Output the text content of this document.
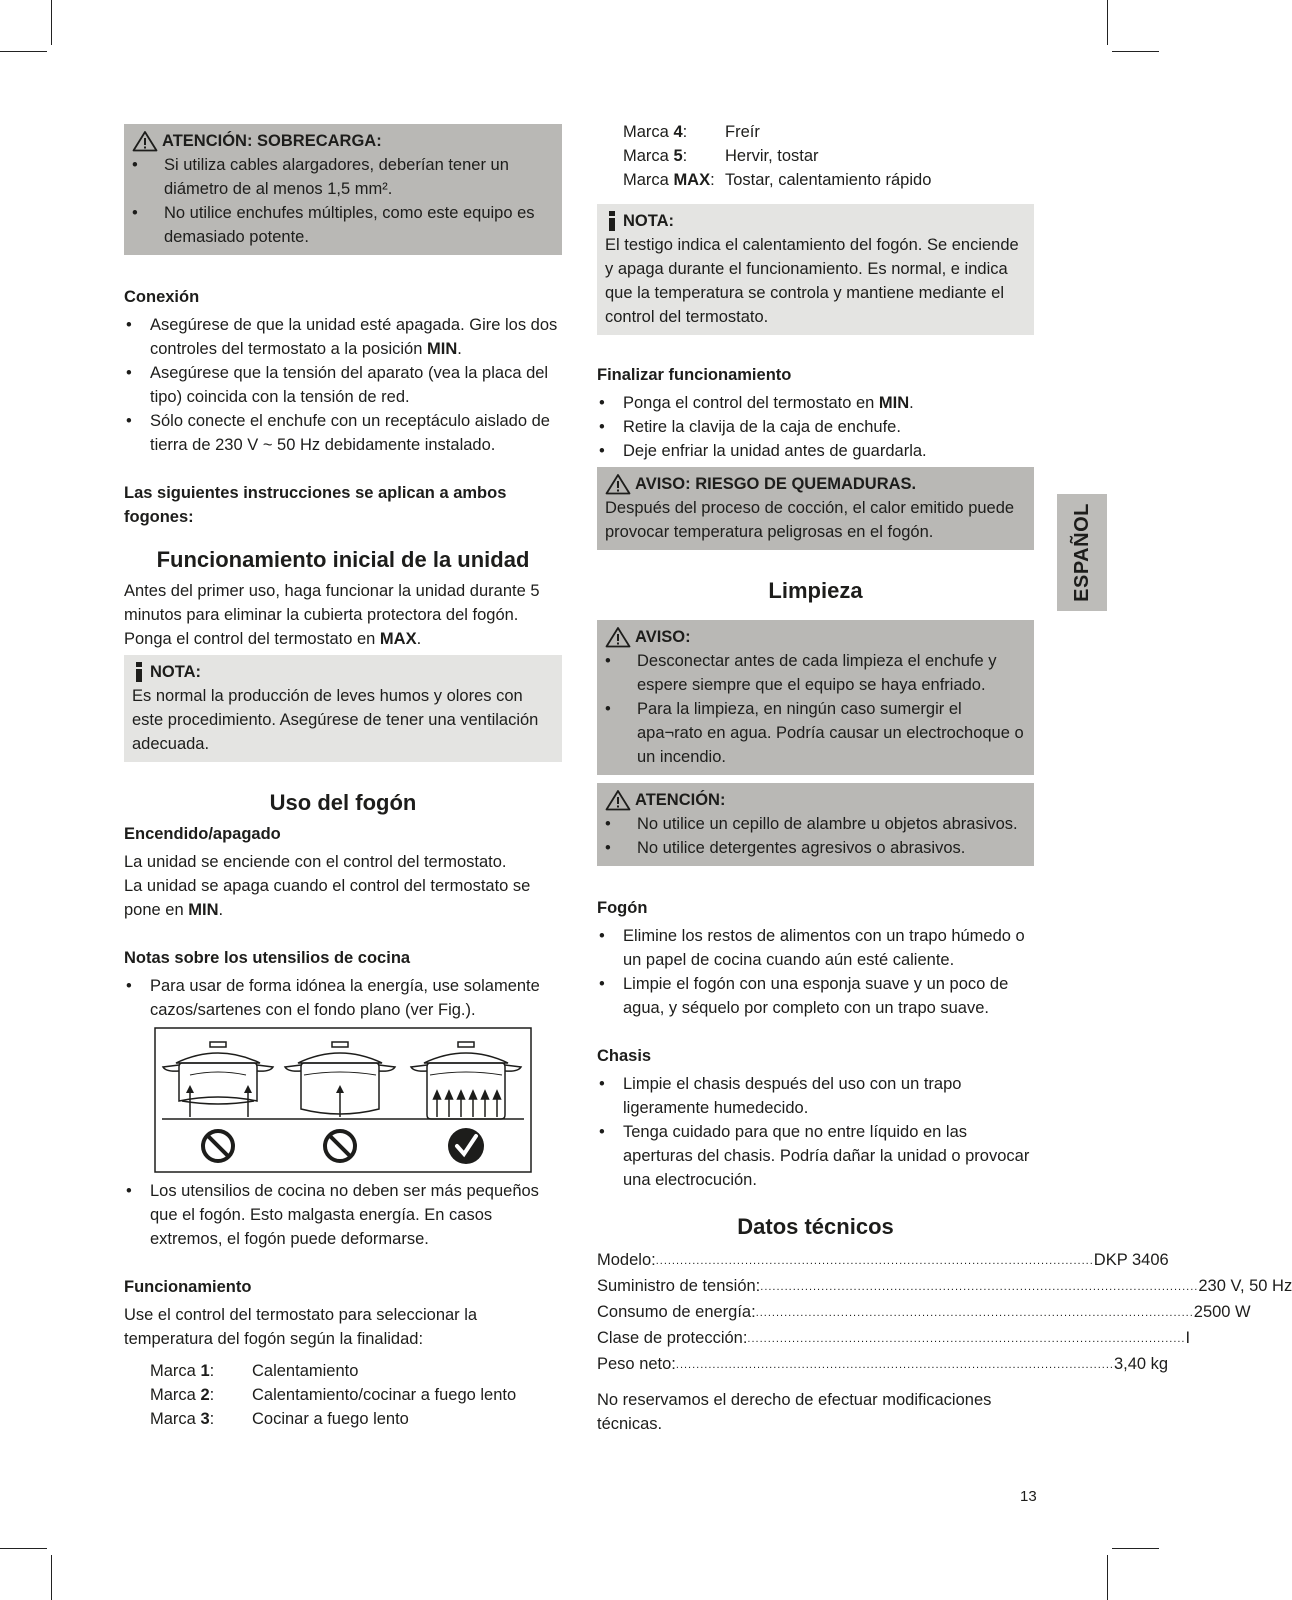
ATENCIÓN: SOBRECARGA:
• Si utiliza cables alargadores, deberían tener un diámetro de al menos 1,5 mm².
• No utilice enchufes múltiples, como este equipo es demasiado potente.

Conexión

• Asegúrese de que la unidad esté apagada. Gire los dos controles del termostato a la posición MIN.
• Asegúrese que la tensión del aparato (vea la placa del tipo) coincida con la tensión de red.
• Sólo conecte el enchufe con un receptáculo aislado de tierra de 230 V ~ 50 Hz debidamente instalado.

Las siguientes instrucciones se aplican a ambos fogones:

Funcionamiento inicial de la unidad

Antes del primer uso, haga funcionar la unidad durante 5 minutos para eliminar la cubierta protectora del fogón. Ponga el control del termostato en MAX.

NOTA:

Es normal la producción de leves humos y olores con este procedimiento. Asegúrese de tener una ventilación adecuada.

Uso del fogón

Encendido/apagado

La unidad se enciende con el control del termostato.

La unidad se apaga cuando el control del termostato se pone en MIN.

Notas sobre los utensilios de cocina

• Para usar de forma idónea la energía, use solamente cazos/sartenes con el fondo plano (ver Fig.).
• Los utensilios de cocina no deben ser más pequeños que el fogón. Esto malgasta energía. En casos extremos, el fogón puede deformarse.

Funcionamiento

Use el control del termostato para seleccionar la temperatura del fogón según la finalidad:

Marca 1:	Calentamiento
Marca 2:	Calentamiento/cocinar a fuego lento
Marca 3:	Cocinar a fuego lento
Marca 4:	Freír
Marca 5:	Hervir, tostar
Marca MAX: Tostar, calentamiento rápido
NOTA:

El testigo indica el calentamiento del fogón. Se enciende y apaga durante el funcionamiento. Es normal, e indica que la temperatura se controla y mantiene mediante el control del termostato.

Finalizar funcionamiento

• Ponga el control del termostato en MIN.
• Retire la clavija de la caja de enchufe.
• Deje enfriar la unidad antes de guardarla.
AVISO: RIESGO DE QUEMADURAS.

Después del proceso de cocción, el calor emitido puede provocar temperatura peligrosas en el fogón.

Limpieza

AVISO:
• Desconectar antes de cada limpieza el enchufe y espere siempre que el equipo se haya enfriado.
• Para la limpieza, en ningún caso sumergir el apa¬rato en agua. Podría causar un electrochoque o un incendio.
ATENCIÓN:
• No utilice un cepillo de alambre u objetos abrasivos.
• No utilice detergentes agresivos o abrasivos.

Fogón

• Elimine los restos de alimentos con un trapo húmedo o un papel de cocina cuando aún esté caliente.
• Limpie el fogón con una esponja suave y un poco de agua, y séquelo por completo con un trapo suave.

Chasis

• Limpie el chasis después del uso con un trapo ligeramente humedecido.
• Tenga cuidado para que no entre líquido en las aperturas del chasis. Podría dañar la unidad o provocar una electrocución.

Datos técnicos

Modelo: ............................................................................................................ DKP 3406
Suministro de tensión: ............................................................................................................ 230 V, 50 Hz
Consumo de energía: ............................................................................................................ 2500 W
Clase de protección: ............................................................................................................ I
Peso neto: ............................................................................................................ 3,40 kg

No reservamos el derecho de efectuar modificaciones técnicas.

ESPAÑOL
13
